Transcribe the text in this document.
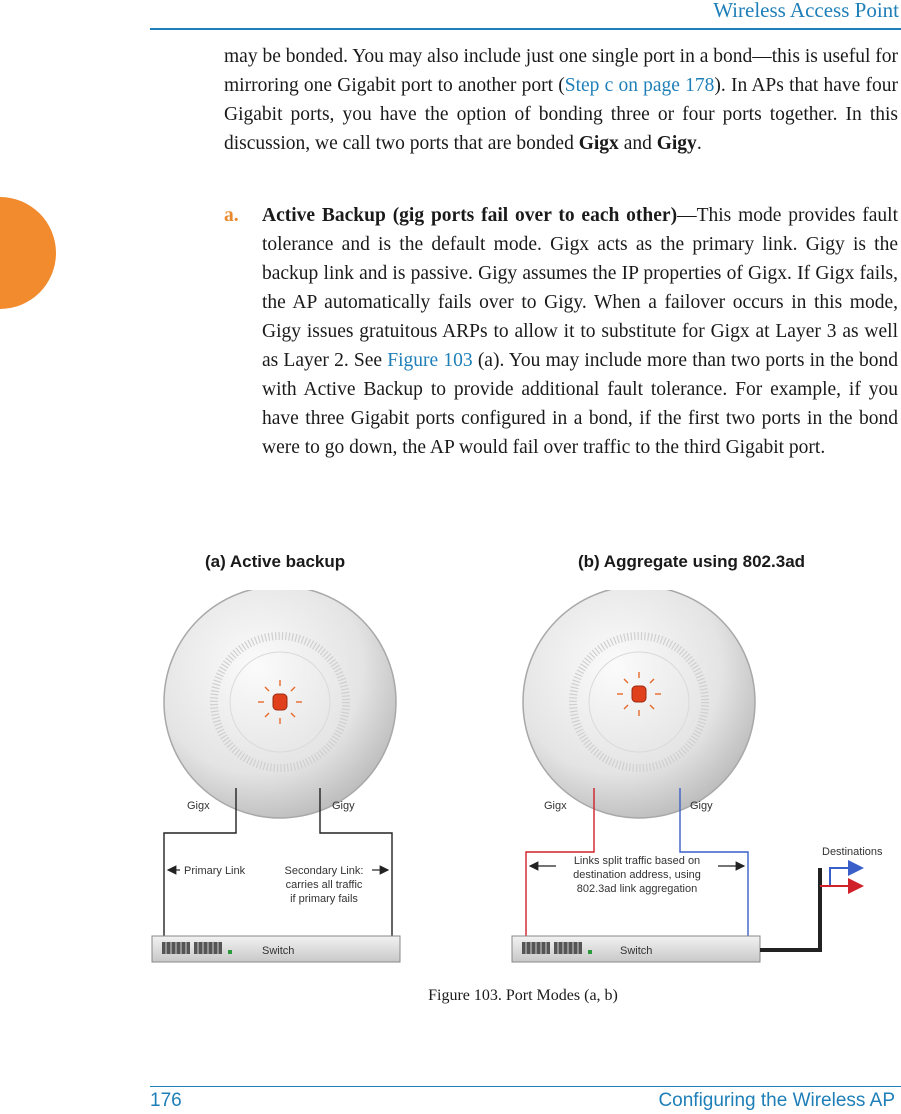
Wireless Access Point

may be bonded. You may also include just one single port in a bond—this is useful for mirroring one Gigabit port to another port (Step c on page 178). In APs that have four Gigabit ports, you have the option of bonding three or four ports together. In this discussion, we call two ports that are bonded Gigx and Gigy.

a. Active Backup (gig ports fail over to each other)—This mode provides fault tolerance and is the default mode. Gigx acts as the primary link. Gigy is the backup link and is passive. Gigy assumes the IP properties of Gigx. If Gigx fails, the AP automatically fails over to Gigy. When a failover occurs in this mode, Gigy issues gratuitous ARPs to allow it to substitute for Gigx at Layer 3 as well as Layer 2. See Figure 103 (a). You may include more than two ports in the bond with Active Backup to provide additional fault tolerance. For example, if you have three Gigabit ports configured in a bond, if the first two ports in the bond were to go down, the AP would fail over traffic to the third Gigabit port.
(a) Active backup	(b) Aggregate using 802.3ad
Gigx	Gigy
Primary Link	Secondary Link:
carries all traffic
if primary fails
Switch
Gigx	Gigy
Links split traffic based on
destination address, using
802.3ad link aggregation
Switch
Destinations
Figure 103. Port Modes (a, b)
176	Configuring the Wireless AP
